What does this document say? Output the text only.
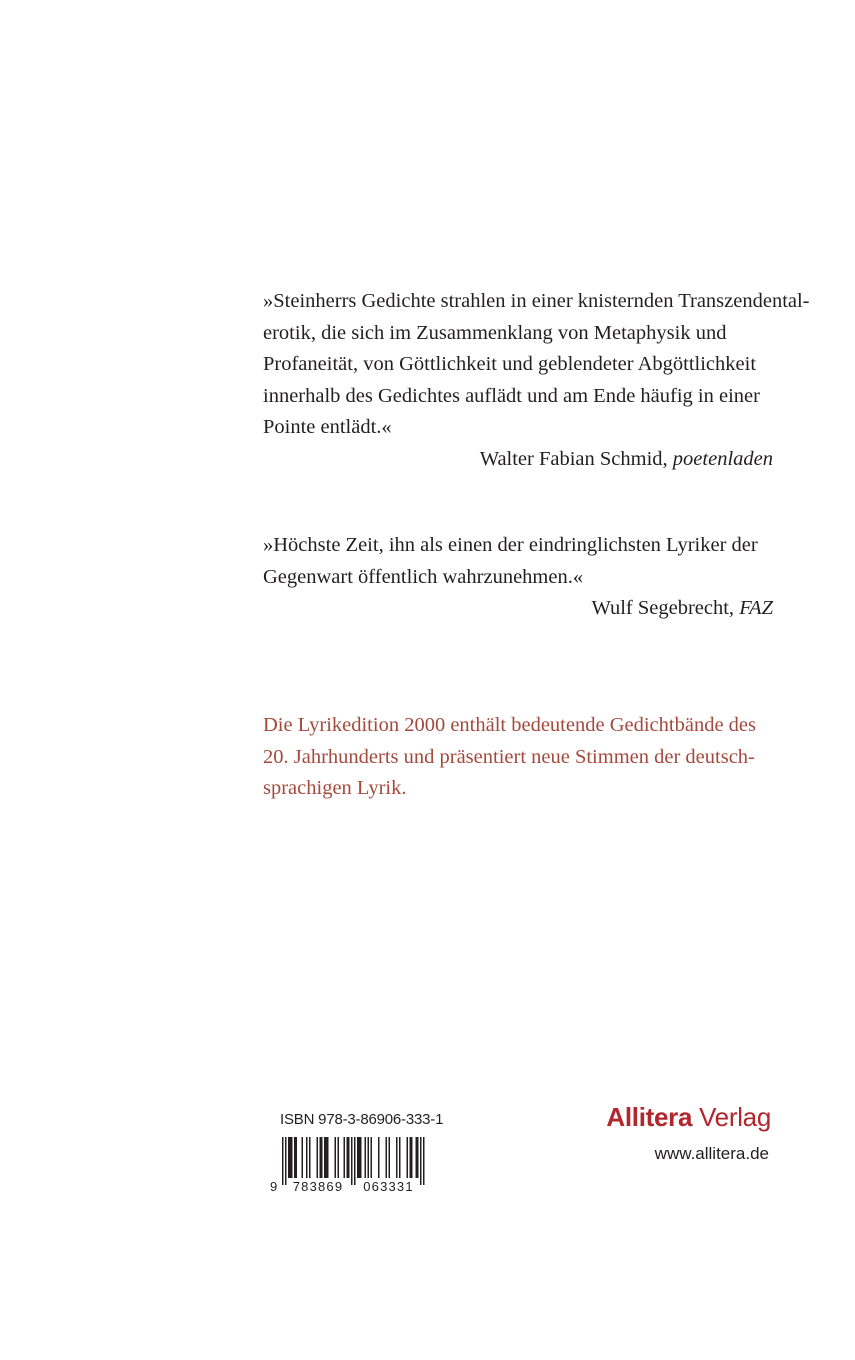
»Steinherrs Gedichte strahlen in einer knisternden Transzendental-
erotik, die sich im Zusammenklang von Metaphysik und
Profaneität, von Göttlichkeit und geblendeter Abgöttlichkeit
innerhalb des Gedichtes auflädt und am Ende häufig in einer
Pointe entlädt.«
Walter Fabian Schmid, poetenladen
»Höchste Zeit, ihn als einen der eindringlichsten Lyriker der
Gegenwart öffentlich wahrzunehmen.«
Wulf Segebrecht, FAZ
Die Lyrikedition 2000 enthält bedeutende Gedichtbände des
20. Jahrhunderts und präsentiert neue Stimmen der deutsch-
sprachigen Lyrik.
ISBN 978-3-86906-333-1
9 783869 063331
Allitera Verlag
www.allitera.de
